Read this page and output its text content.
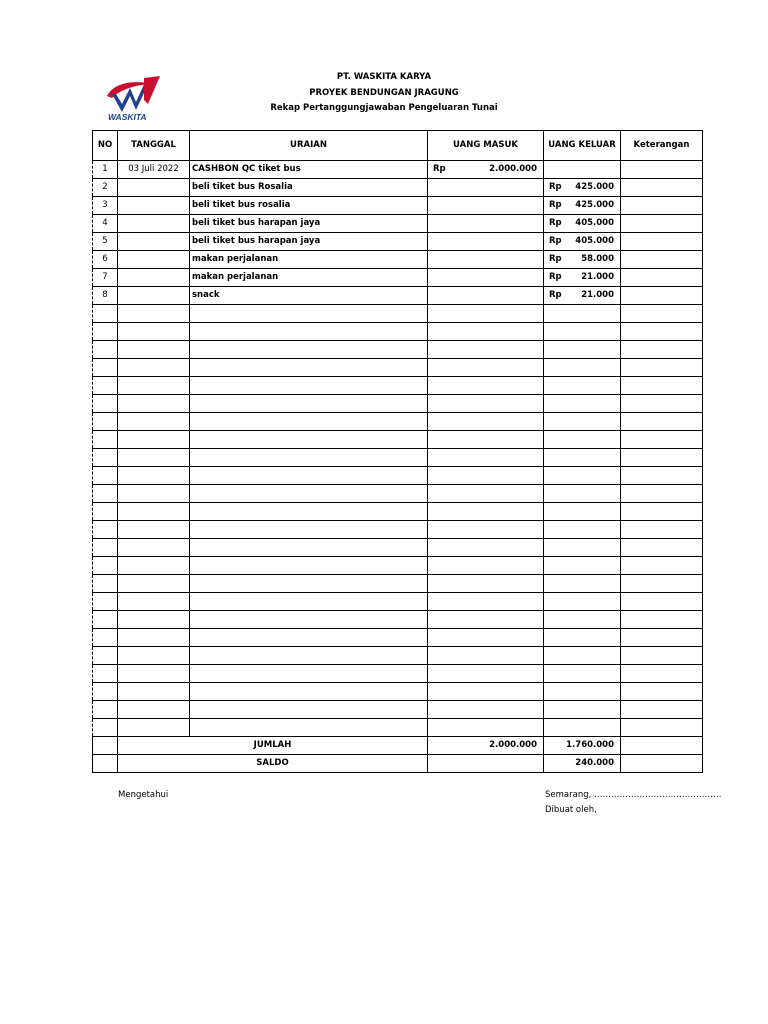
WASKITA
PT. WASKITA KARYA
PROYEK BENDUNGAN JRAGUNG
Rekap Pertanggungjawaban Pengeluaran Tunai
NO	TANGGAL	URAIAN	UANG MASUK	UANG KELUAR	Keterangan
1	03 Juli 2022	CASHBON QC tiket bus	Rp 2.000.000		

2		beli tiket bus Rosalia		Rp 425.000	

3		beli tiket bus rosalia		Rp 425.000	

4		beli tiket bus harapan jaya		Rp 405.000	

5		beli tiket bus harapan jaya		Rp 405.000	

6		makan perjalanan		Rp 58.000	

7		makan perjalanan		Rp 21.000	

8		snack		Rp 21.000	

	JUMLAH		2.000.000	1.760.000	
	SALDO			240.000	
Mengetahui	Semarang, ………………………………………
Dibuat oleh,
